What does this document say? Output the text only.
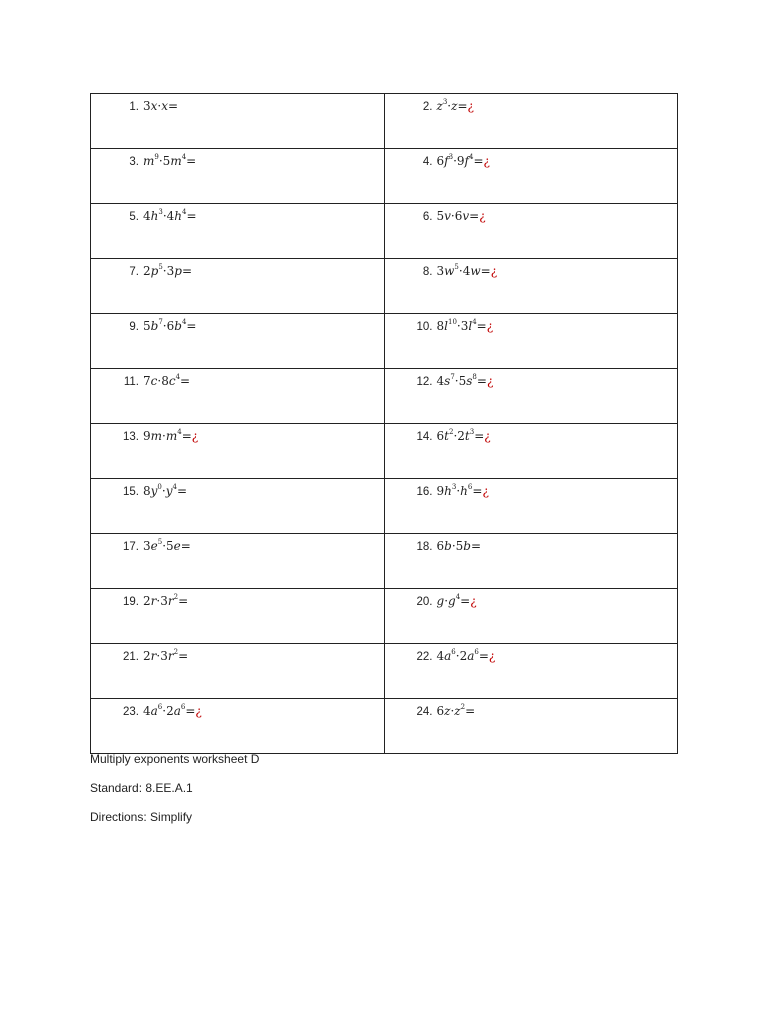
1. 3x·x=	2. $z^3\cdot z=¿$

3. $m^9\cdot 5m^4=$	4. $6f^3\cdot 9f^4=¿$

5. $4h^3\cdot 4h^4=$	6. 5v·6v=¿

7. $2p^5\cdot 3p=$	8. $3w^5\cdot 4w=¿$

9. $5b^7\cdot 6b^4=$	10. $8l^{10}\cdot 3l^4=¿$

11. $7c\cdot 8c^4=$	12. $4s^7\cdot 5s^8=¿$

13. $9m\cdot m^4=¿$	14. $6t^2\cdot 2t^3=¿$

15. $8y^0\cdot y^4=$	16. $9h^3\cdot h^6=¿$

17. $3e^5\cdot 5e=$	18. 6b·5b=

19. $2r\cdot 3r^2=$	20. $g\cdot g^4=¿$

21. $2r\cdot 3r^2=$	22. $4a^6\cdot 2a^6=¿$

23. $4a^6\cdot 2a^6=¿$	24. $6z\cdot z^2=$
Multiply exponents worksheet D
Standard: 8.EE.A.1
Directions: Simplify
